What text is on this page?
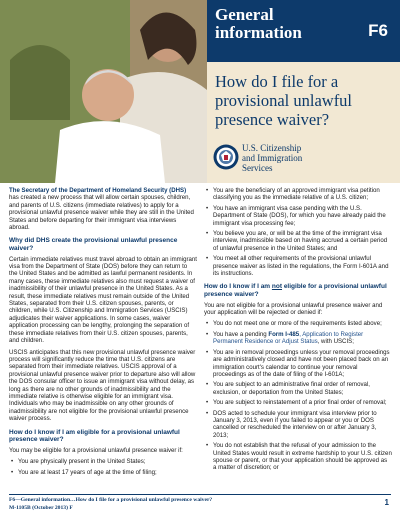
General
information	F6
How do I file for a provisional unlawful presence waiver?
U.S. Citizenship
and Immigration
Services

The Secretary of the Department of Homeland Security (DHS) has created a new process that will allow certain spouses, children, and parents of U.S. citizens (immediate relatives) to apply for a provisional unlawful presence waiver while they are still in the United States and before departing for their immigrant visa interviews abroad.

Why did DHS create the provisional unlawful presence waiver?

Certain immediate relatives must travel abroad to obtain an immigrant visa from the Department of State (DOS) before they can return to the United States and be admitted as lawful permanent residents. In many cases, these immediate relatives also must request a waiver of inadmissibility of their unlawful presence in the United States. As a result, these immediate relatives must remain outside of the United States, separated from their U.S. citizen spouses, parents, or children, while U.S. Citizenship and Immigration Services (USCIS) adjudicates their waiver applications. In some cases, waiver application processing can be lengthy, prolonging the separation of these immediate relatives from their U.S. citizen spouses, parents, and children.

USCIS anticipates that this new provisional unlawful presence waiver process will significantly reduce the time that U.S. citizens are separated from their immediate relatives. USCIS approval of a provisional unlawful presence waiver prior to departure also will allow the DOS consular officer to issue an immigrant visa without delay, as long as there are no other grounds of inadmissibility and the immediate relative is otherwise eligible for an immigrant visa. Individuals who may be inadmissible on any other grounds of inadmissibility are not eligible for the provisional unlawful presence waiver process.

How do I know if I am eligible for a provisional unlawful presence waiver?

You may be eligible for a provisional unlawful presence waiver if:

• You are physically present in the United States;
• You are at least 17 years of age at the time of filing;
• You are the beneficiary of an approved immigrant visa petition classifying you as the immediate relative of a U.S. citizen;
• You have an immigrant visa case pending with the U.S. Department of State (DOS), for which you have already paid the immigrant visa processing fee;
• You believe you are, or will be at the time of the immigrant visa interview, inadmissible based on having accrued a certain period of unlawful presence in the United States; and
• You meet all other requirements of the provisional unlawful presence waiver as listed in the regulations, the Form I-601A and its instructions.
How do I know if I am not eligible for a provisional unlawful presence waiver?

You are not eligible for a provisional unlawful presence waiver and your application will be rejected or denied if:

• You do not meet one or more of the requirements listed above;
• You have a pending Form I-485, Application to Register Permanent Residence or Adjust Status, with USCIS;
• You are in removal proceedings unless your removal proceedings are administratively closed and have not been placed back on an immigration court's calendar to continue your removal proceedings as of the date of filing of the I-601A;
• You are subject to an administrative final order of removal, exclusion, or deportation from the United States;
• You are subject to reinstatement of a prior final order of removal;
• DOS acted to schedule your immigrant visa interview prior to January 3, 2013, even if you failed to appear or you or DOS cancelled or rescheduled the interview on or after January 3, 2013;
• You do not establish that the refusal of your admission to the United States would result in extreme hardship to your U.S. citizen spouse or parent, or that your application should be approved as a matter of discretion; or
F6—General information…How do I file for a provisional unlawful presence waiver?
M-1105B (October 2013) F
1
